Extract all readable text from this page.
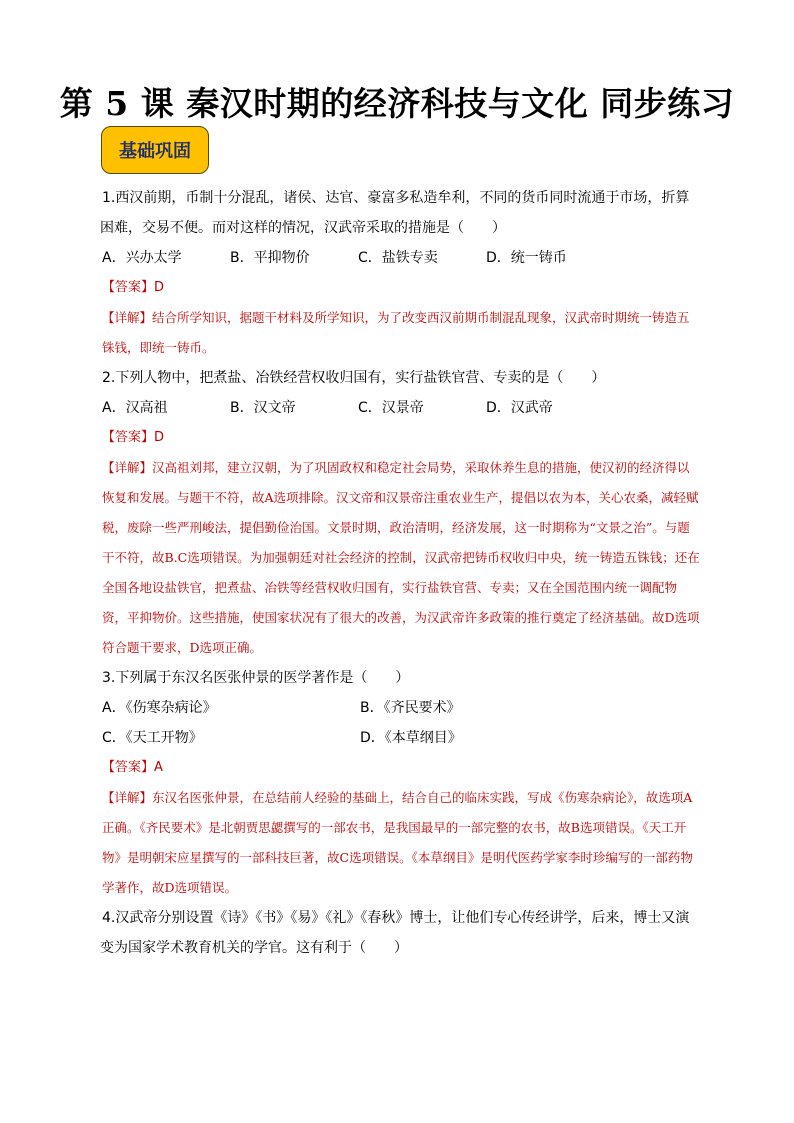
第 5 课 秦汉时期的经济科技与文化 同步练习
基础巩固

1.西汉前期，币制十分混乱，诸侯、达官、豪富多私造牟利，不同的货币同时流通于市场，折算困难，交易不便。而对这样的情况，汉武帝采取的措施是（　　）

A．兴办太学	B．平抑物价	C．盐铁专卖	D．统一铸币

【答案】D

【详解】结合所学知识，据题干材料及所学知识，为了改变西汉前期币制混乱现象，汉武帝时期统一铸造五铢钱，即统一铸币。

2.下列人物中，把煮盐、冶铁经营权收归国有，实行盐铁官营、专卖的是（　　）

A．汉高祖	B．汉文帝	C．汉景帝	D．汉武帝

【答案】D

【详解】汉高祖刘邦，建立汉朝，为了巩固政权和稳定社会局势，采取休养生息的措施，使汉初的经济得以恢复和发展。与题干不符，故A选项排除。汉文帝和汉景帝注重农业生产，提倡以农为本，关心农桑，减轻赋税，废除一些严刑峻法，提倡勤俭治国。文景时期，政治清明，经济发展，这一时期称为“文景之治”。与题干不符，故B.C选项错误。为加强朝廷对社会经济的控制，汉武帝把铸币权收归中央，统一铸造五铢钱；还在全国各地设盐铁官，把煮盐、冶铁等经营权收归国有，实行盐铁官营、专卖；又在全国范围内统一调配物资，平抑物价。这些措施，使国家状况有了很大的改善，为汉武帝许多政策的推行奠定了经济基础。故D选项符合题干要求，D选项正确。

3.下列属于东汉名医张仲景的医学著作是（　　）

A．《伤寒杂病论》	B．《齐民要术》
C．《天工开物》	D．《本草纲目》

【答案】A

【详解】东汉名医张仲景，在总结前人经验的基础上，结合自己的临床实践，写成《伤寒杂病论》，故选项A正确。《齐民要术》是北朝贾思勰撰写的一部农书，是我国最早的一部完整的农书，故B选项错误。《天工开物》是明朝宋应星撰写的一部科技巨著，故C选项错误。《本草纲目》是明代医药学家李时珍编写的一部药物学著作，故D选项错误。

4.汉武帝分别设置《诗》《书》《易》《礼》《春秋》博士，让他们专心传经讲学，后来，博士又演变为国家学术教育机关的学官。这有利于（　　）
